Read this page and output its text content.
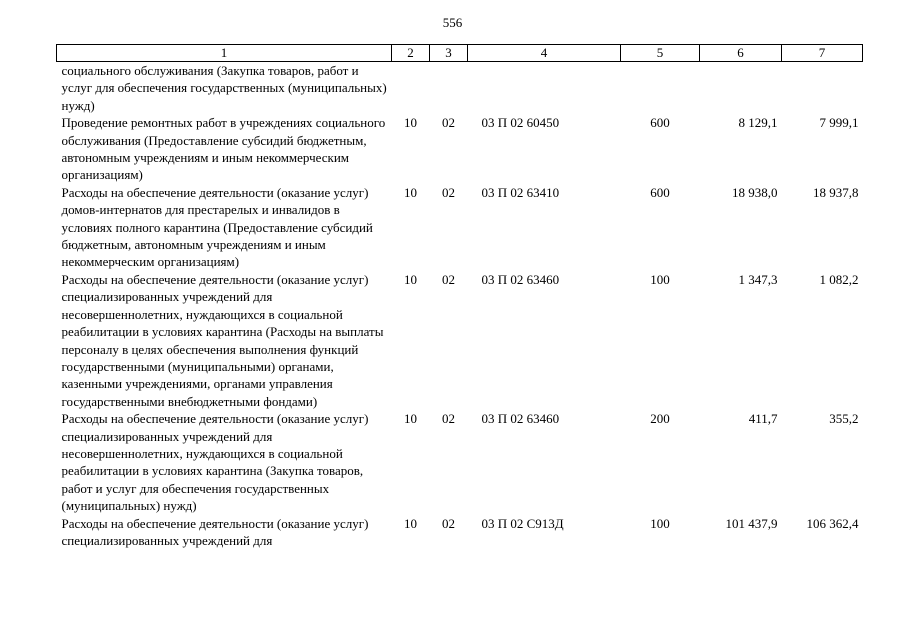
556
1	2	3	4	5	6	7
социального обслуживания (Закупка товаров, работ и услуг для обеспечения государственных (муниципальных) нужд)						
Проведение ремонтных работ в учреждениях социального обслуживания (Предоставление субсидий бюджетным, автономным учреждениям и иным некоммерческим организациям)	10	02	03 П 02 60450	600	8 129,1	7 999,1
Расходы на обеспечение деятельности (оказание услуг) домов-интернатов для престарелых и инвалидов в условиях полного карантина (Предоставление субсидий бюджетным, автономным учреждениям и иным некоммерческим организациям)	10	02	03 П 02 63410	600	18 938,0	18 937,8
Расходы на обеспечение деятельности (оказание услуг) специализированных учреждений для несовершеннолетних, нуждающихся в социальной реабилитации в условиях карантина (Расходы на выплаты персоналу в целях обеспечения выполнения функций государственными (муниципальными) органами, казенными учреждениями, органами управления государственными внебюджетными фондами)	10	02	03 П 02 63460	100	1 347,3	1 082,2
Расходы на обеспечение деятельности (оказание услуг) специализированных учреждений для несовершеннолетних, нуждающихся в социальной реабилитации в условиях карантина (Закупка товаров, работ и услуг для обеспечения государственных (муниципальных) нужд)	10	02	03 П 02 63460	200	411,7	355,2
Расходы на обеспечение деятельности (оказание услуг) специализированных учреждений для	10	02	03 П 02 С913Д	100	101 437,9	106 362,4
